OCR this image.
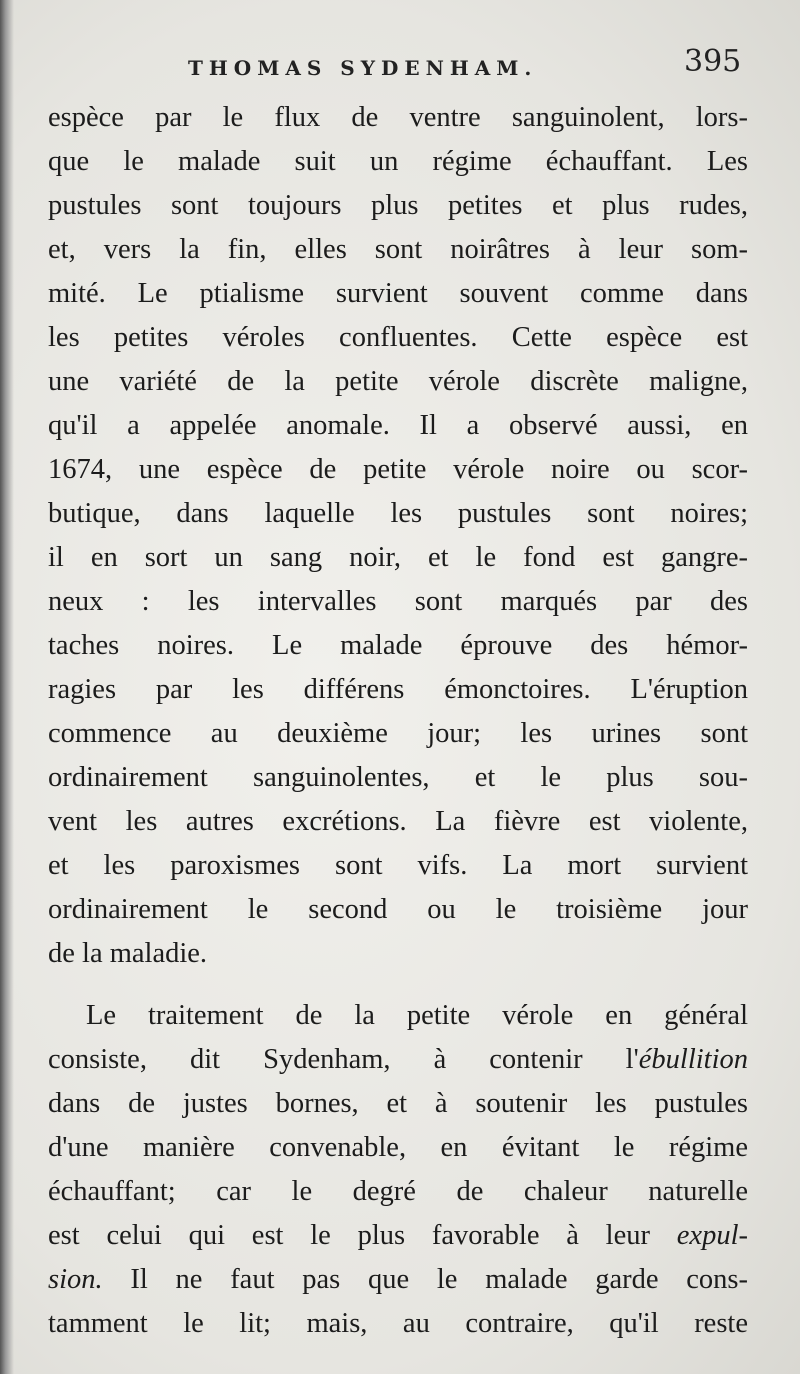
THOMAS SYDENHAM.	395
espèce par le flux de ventre sanguinolent, lors-
que le malade suit un régime échauffant. Les
pustules sont toujours plus petites et plus rudes,
et, vers la fin, elles sont noirâtres à leur som-
mité. Le ptialisme survient souvent comme dans
les petites véroles confluentes. Cette espèce est
une variété de la petite vérole discrète maligne,
qu'il a appelée anomale. Il a observé aussi, en
1674, une espèce de petite vérole noire ou scor-
butique, dans laquelle les pustules sont noires;
il en sort un sang noir, et le fond est gangre-
neux : les intervalles sont marqués par des
taches noires. Le malade éprouve des hémor-
ragies par les différens émonctoires. L'éruption
commence au deuxième jour; les urines sont
ordinairement sanguinolentes, et le plus sou-
vent les autres excrétions. La fièvre est violente,
et les paroxismes sont vifs. La mort survient
ordinairement le second ou le troisième jour
de la maladie.
Le traitement de la petite vérole en général
consiste, dit Sydenham, à contenir l'ébullition
dans de justes bornes, et à soutenir les pustules
d'une manière convenable, en évitant le régime
échauffant; car le degré de chaleur naturelle
est celui qui est le plus favorable à leur expul-
sion. Il ne faut pas que le malade garde cons-
tamment le lit; mais, au contraire, qu'il reste
